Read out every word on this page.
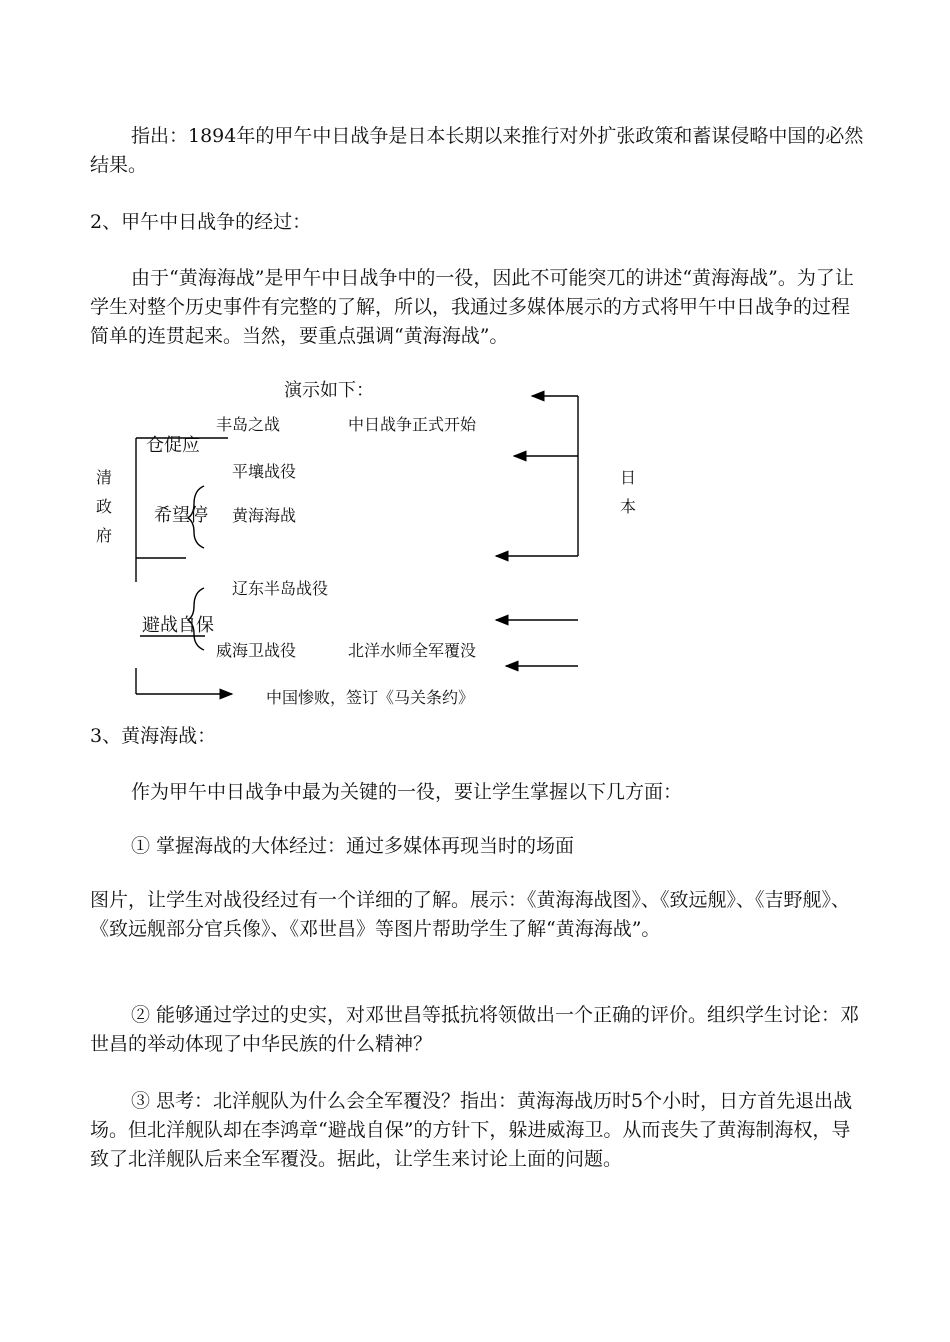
指出：1894年的甲午中日战争是日本长期以来推行对外扩张政策和蓄谋侵略中国的必然结果。

2、甲午中日战争的经过：

由于“黄海海战”是甲午中日战争中的一役，因此不可能突兀的讲述“黄海海战”。为了让学生对整个历史事件有完整的了解，所以，我通过多媒体展示的方式将甲午中日战争的过程简单的连贯起来。当然，要重点强调“黄海海战”。

演示如下：
丰岛之战	中日战争正式开始
仓促应
平壤战役
希望停 黄海海战
辽东半岛战役
避战自保
威海卫战役	北洋水师全军覆没
中国惨败，签订《马关条约》
清政府
日本

3、黄海海战：

作为甲午中日战争中最为关键的一役，要让学生掌握以下几方面：

① 掌握海战的大体经过：通过多媒体再现当时的场面

图片，让学生对战役经过有一个详细的了解。展示：《黄海海战图》、《致远舰》、《吉野舰》、《致远舰部分官兵像》、《邓世昌》等图片帮助学生了解“黄海海战”。

② 能够通过学过的史实，对邓世昌等抵抗将领做出一个正确的评价。组织学生讨论：邓世昌的举动体现了中华民族的什么精神？

③ 思考：北洋舰队为什么会全军覆没？指出：黄海海战历时5个小时，日方首先退出战场。但北洋舰队却在李鸿章“避战自保”的方针下，躲进威海卫。从而丧失了黄海制海权，导致了北洋舰队后来全军覆没。据此，让学生来讨论上面的问题。
